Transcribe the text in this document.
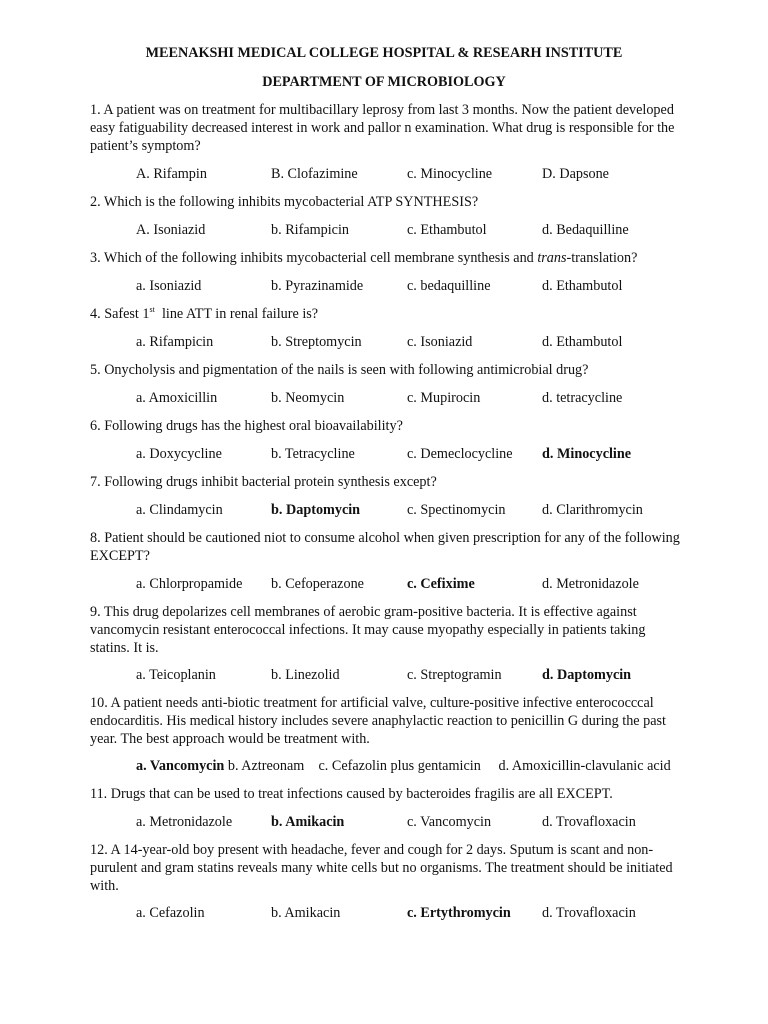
MEENAKSHI MEDICAL COLLEGE HOSPITAL & RESEARH INSTITUTE
DEPARTMENT OF MICROBIOLOGY

1. A patient was on treatment for multibacillary leprosy from last 3 months. Now the patient developed easy fatiguability decreased interest in work and pallor n examination. What drug is responsible for the patient’s symptom?

A. Rifampin	B. Clofazimine	c. Minocycline	D. Dapsone

2. Which is the following inhibits mycobacterial ATP SYNTHESIS?

A. Isoniazid	b. Rifampicin	c. Ethambutol	d. Bedaquilline

3. Which of the following inhibits mycobacterial cell membrane synthesis and trans-translation?

a. Isoniazid	b. Pyrazinamide	c. bedaquilline	d. Ethambutol

4. Safest 1st  line ATT in renal failure is?

a. Rifampicin	b. Streptomycin	c. Isoniazid	d. Ethambutol

5. Onycholysis and pigmentation of the nails is seen with following antimicrobial drug?

a. Amoxicillin	b. Neomycin	c. Mupirocin	d. tetracycline

6. Following drugs has the highest oral bioavailability?

a. Doxycycline	b. Tetracycline	c. Demeclocycline d. Minocycline

7. Following drugs inhibit bacterial protein synthesis except?

a. Clindamycin	b. Daptomycin	c. Spectinomycin	d. Clarithromycin

8. Patient should be cautioned niot to consume alcohol when given prescription for any of the following EXCEPT?

a. Chlorpropamide b. Cefoperazone	c. Cefixime	d. Metronidazole

9. This drug depolarizes cell membranes of aerobic gram-positive bacteria. It is effective against vancomycin resistant enterococcal infections. It may cause myopathy especially in patients taking statins. It is.

a. Teicoplanin	b. Linezolid	c. Streptogramin	d. Daptomycin

10. A patient needs anti-biotic treatment for artificial valve, culture-positive infective enterococccal endocarditis. His medical history includes severe anaphylactic reaction to penicillin G during the past year. The best approach would be treatment with.

a. Vancomycin b. Aztreonam c. Cefazolin plus gentamicin d. Amoxicillin-clavulanic acid

11. Drugs that can be used to treat infections caused by bacteroides fragilis are all EXCEPT.

a. Metronidazole	b. Amikacin	c. Vancomycin	d. Trovafloxacin

12. A 14-year-old boy present with headache, fever and cough for 2 days. Sputum is scant and non-purulent and gram statins reveals many white cells but no organisms. The treatment should be initiated with.

a. Cefazolin	b. Amikacin	c. Ertythromycin d. Trovafloxacin
